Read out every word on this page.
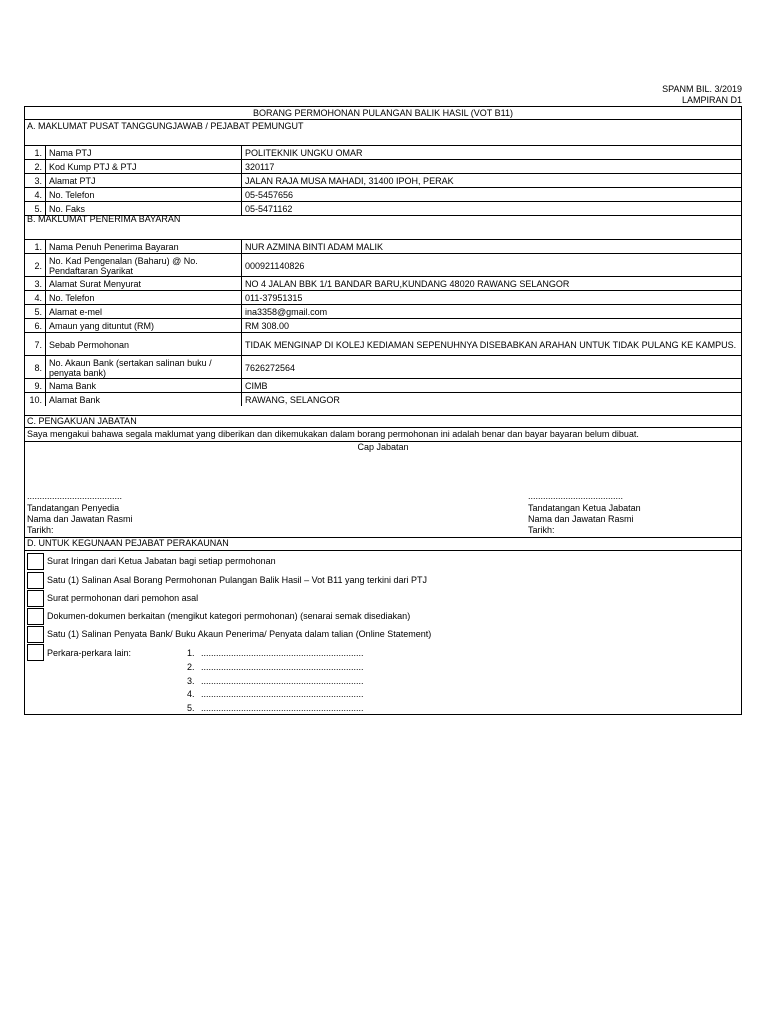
SPANM BIL. 3/2019
LAMPIRAN D1
BORANG PERMOHONAN PULANGAN BALIK HASIL (VOT B11)
A. MAKLUMAT PUSAT TANGGUNGJAWAB / PEJABAT PEMUNGUT
1. Nama PTJ	POLITEKNIK UNGKU OMAR
2. Kod Kump PTJ & PTJ	320117
3. Alamat PTJ	JALAN RAJA MUSA MAHADI, 31400 IPOH, PERAK
4. No. Telefon	05-5457656
5. No. Faks	05-5471162
B. MAKLUMAT PENERIMA BAYARAN
1. Nama Penuh Penerima Bayaran	NUR AZMINA BINTI ADAM MALIK
2. No. Kad Pengenalan (Baharu) @ No. Pendaftaran Syarikat	000921140826
3. Alamat Surat Menyurat	NO 4 JALAN BBK 1/1 BANDAR BARU,KUNDANG 48020 RAWANG SELANGOR
4. No. Telefon	011-37951315
5. Alamat e-mel	ina3358@gmail.com
6. Amaun yang dituntut (RM)	RM 308.00
7. Sebab Permohonan	TIDAK MENGINAP DI KOLEJ KEDIAMAN SEPENUHNYA DISEBABKAN ARAHAN UNTUK TIDAK PULANG KE KAMPUS.
8. No. Akaun Bank (sertakan salinan buku / penyata bank)	7626272564
9. Nama Bank	CIMB
10. Alamat Bank	RAWANG, SELANGOR
C. PENGAKUAN JABATAN
Saya mengakui bahawa segala maklumat yang diberikan dan dikemukakan dalam borang permohonan ini adalah benar dan bayar bayaran belum dibuat.
Cap Jabatan
......................................
Tandatangan Penyedia
Nama dan Jawatan Rasmi
Tarikh:
......................................
Tandatangan Ketua Jabatan
Nama dan Jawatan Rasmi
Tarikh:
D. UNTUK KEGUNAAN PEJABAT PERAKAUNAN
Surat Iringan dari Ketua Jabatan bagi setiap permohonan
Satu (1) Salinan Asal Borang Permohonan Pulangan Balik Hasil – Vot B11 yang terkini dari PTJ
Surat permohonan dari pemohon asal
Dokumen-dokumen berkaitan (mengikut kategori permohonan) (senarai semak disediakan)
Satu (1) Salinan Penyata Bank/ Buku Akaun Penerima/ Penyata dalam talian (Online Statement)
Perkara-perkara lain:	1. .................................................................
2. .................................................................
3. .................................................................
4. .................................................................
5. .................................................................
